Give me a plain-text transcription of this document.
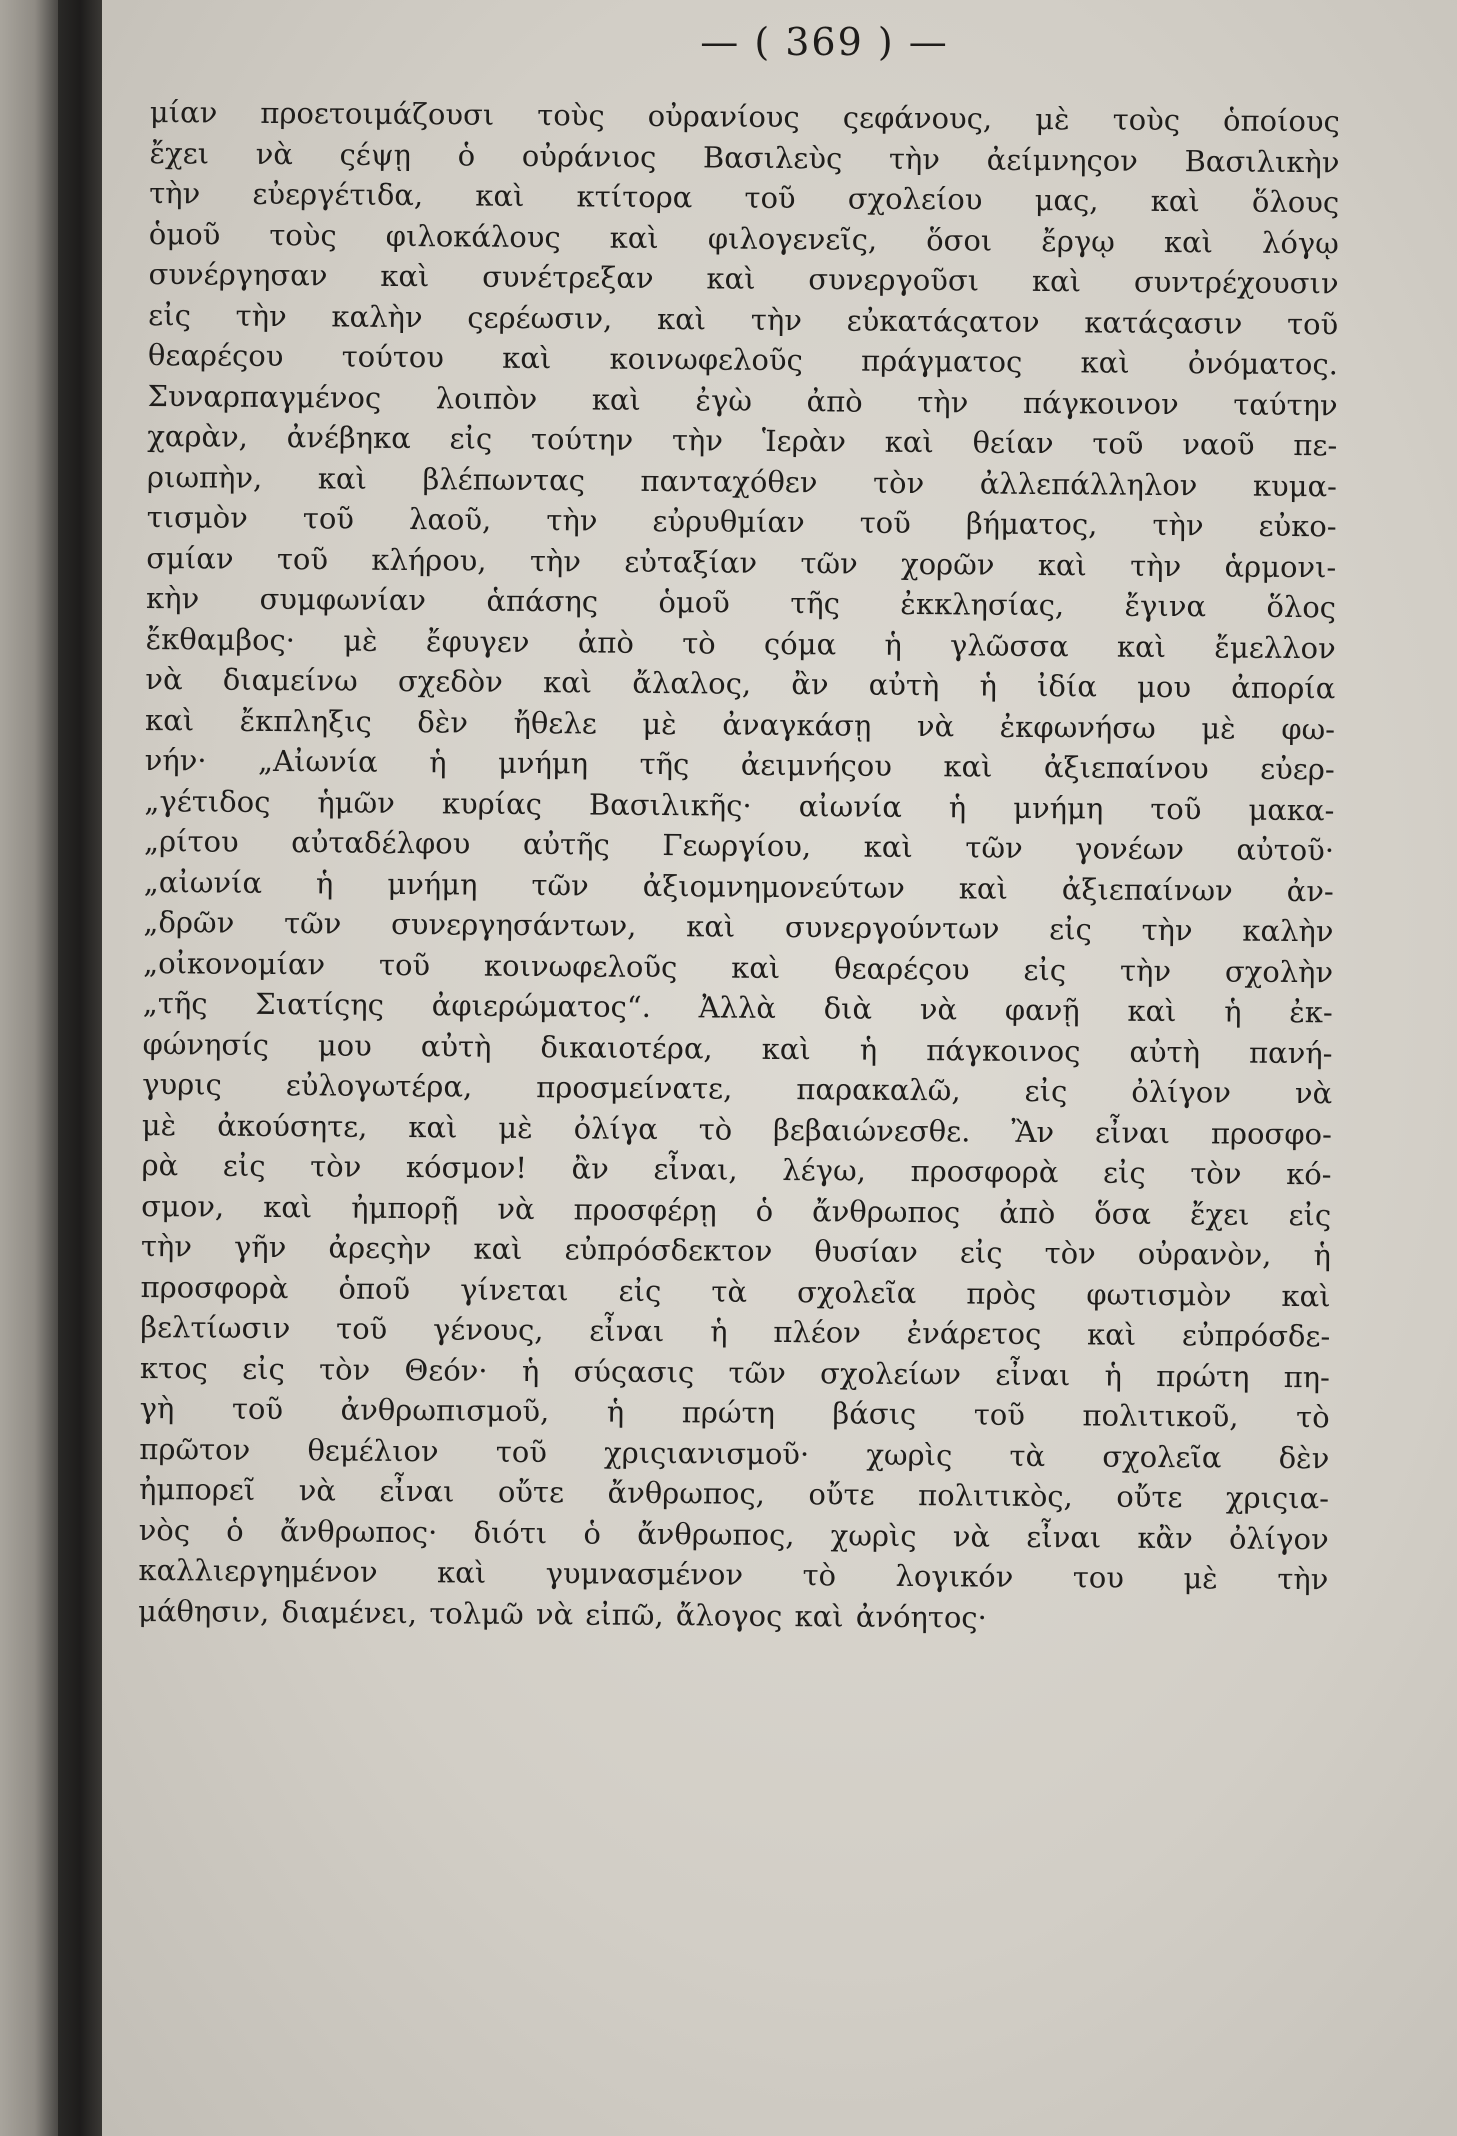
— ( 369 ) —
μίαν προετοιμάζουσι τοὺς οὐρανίους ςεφάνους, μὲ τοὺς ὁποίους
ἔχει νὰ ςέψῃ ὁ οὐράνιος Βασιλεὺς τὴν ἀείμνηςον Βασιλικὴν
τὴν εὐεργέτιδα, καὶ κτίτορα τοῦ σχολείου μας, καὶ ὅλους
ὁμοῦ τοὺς φιλοκάλους καὶ φιλογενεῖς, ὅσοι ἔργῳ καὶ λόγῳ
συνέργησαν καὶ συνέτρεξαν καὶ συνεργοῦσι καὶ συντρέχουσιν
εἰς τὴν καλὴν ςερέωσιν, καὶ τὴν εὐκατάςατον κατάςασιν τοῦ
θεαρέςου τούτου καὶ κοινωφελοῦς πράγματος καὶ ὀνόματος.
Συναρπαγμένος λοιπὸν καὶ ἐγὼ ἀπὸ τὴν πάγκοινον ταύτην
χαρὰν, ἀνέβηκα εἰς τούτην τὴν Ἱερὰν καὶ θείαν τοῦ ναοῦ πε-
ριωπὴν, καὶ βλέπωντας πανταχόθεν τὸν ἀλλεπάλληλον κυμα-
τισμὸν τοῦ λαοῦ, τὴν εὐρυθμίαν τοῦ βήματος, τὴν εὐκο-
σμίαν τοῦ κλήρου, τὴν εὐταξίαν τῶν χορῶν καὶ τὴν ἁρμονι-
κὴν συμφωνίαν ἁπάσης ὁμοῦ τῆς ἐκκλησίας, ἔγινα ὅλος
ἔκθαμβος· μὲ ἔφυγεν ἀπὸ τὸ ςόμα ἡ γλῶσσα καὶ ἔμελλον
νὰ διαμείνω σχεδὸν καὶ ἄλαλος, ἂν αὐτὴ ἡ ἰδία μου ἀπορία
καὶ ἔκπληξις δὲν ἤθελε μὲ ἀναγκάσῃ νὰ ἐκφωνήσω μὲ φω-
νήν· „Αἰωνία ἡ μνήμη τῆς ἀειμνήςου καὶ ἀξιεπαίνου εὐερ-
„γέτιδος ἡμῶν κυρίας Βασιλικῆς· αἰωνία ἡ μνήμη τοῦ μακα-
„ρίτου αὐταδέλφου αὐτῆς Γεωργίου, καὶ τῶν γονέων αὐτοῦ·
„αἰωνία ἡ μνήμη τῶν ἀξιομνημονεύτων καὶ ἀξιεπαίνων ἀν-
„δρῶν τῶν συνεργησάντων, καὶ συνεργούντων εἰς τὴν καλὴν
„οἰκονομίαν τοῦ κοινωφελοῦς καὶ θεαρέςου εἰς τὴν σχολὴν
„τῆς Σιατίςης ἀφιερώματος“. Ἀλλὰ διὰ νὰ φανῇ καὶ ἡ ἐκ-
φώνησίς μου αὐτὴ δικαιοτέρα, καὶ ἡ πάγκοινος αὐτὴ πανή-
γυρις εὐλογωτέρα, προσμείνατε, παρακαλῶ, εἰς ὀλίγον νὰ
μὲ ἀκούσητε, καὶ μὲ ὀλίγα τὸ βεβαιώνεσθε. Ἂν εἶναι προσφο-
ρὰ εἰς τὸν κόσμον! ἂν εἶναι, λέγω, προσφορὰ εἰς τὸν κό-
σμον, καὶ ἠμπορῇ νὰ προσφέρῃ ὁ ἄνθρωπος ἀπὸ ὅσα ἔχει εἰς
τὴν γῆν ἀρεςὴν καὶ εὐπρόσδεκτον θυσίαν εἰς τὸν οὐρανὸν, ἡ
προσφορὰ ὁποῦ γίνεται εἰς τὰ σχολεῖα πρὸς φωτισμὸν καὶ
βελτίωσιν τοῦ γένους, εἶναι ἡ πλέον ἐνάρετος καὶ εὐπρόσδε-
κτος εἰς τὸν Θεόν· ἡ σύςασις τῶν σχολείων εἶναι ἡ πρώτη πη-
γὴ τοῦ ἀνθρωπισμοῦ, ἡ πρώτη βάσις τοῦ πολιτικοῦ, τὸ
πρῶτον θεμέλιον τοῦ χριςιανισμοῦ· χωρὶς τὰ σχολεῖα δὲν
ἠμπορεῖ νὰ εἶναι οὔτε ἄνθρωπος, οὔτε πολιτικὸς, οὔτε χριςια-
νὸς ὁ ἄνθρωπος· διότι ὁ ἄνθρωπος, χωρὶς νὰ εἶναι κἂν ὀλίγον
καλλιεργημένον καὶ γυμνασμένον τὸ λογικόν του μὲ τὴν
μάθησιν, διαμένει, τολμῶ νὰ εἰπῶ, ἄλογος καὶ ἀνόητος·
